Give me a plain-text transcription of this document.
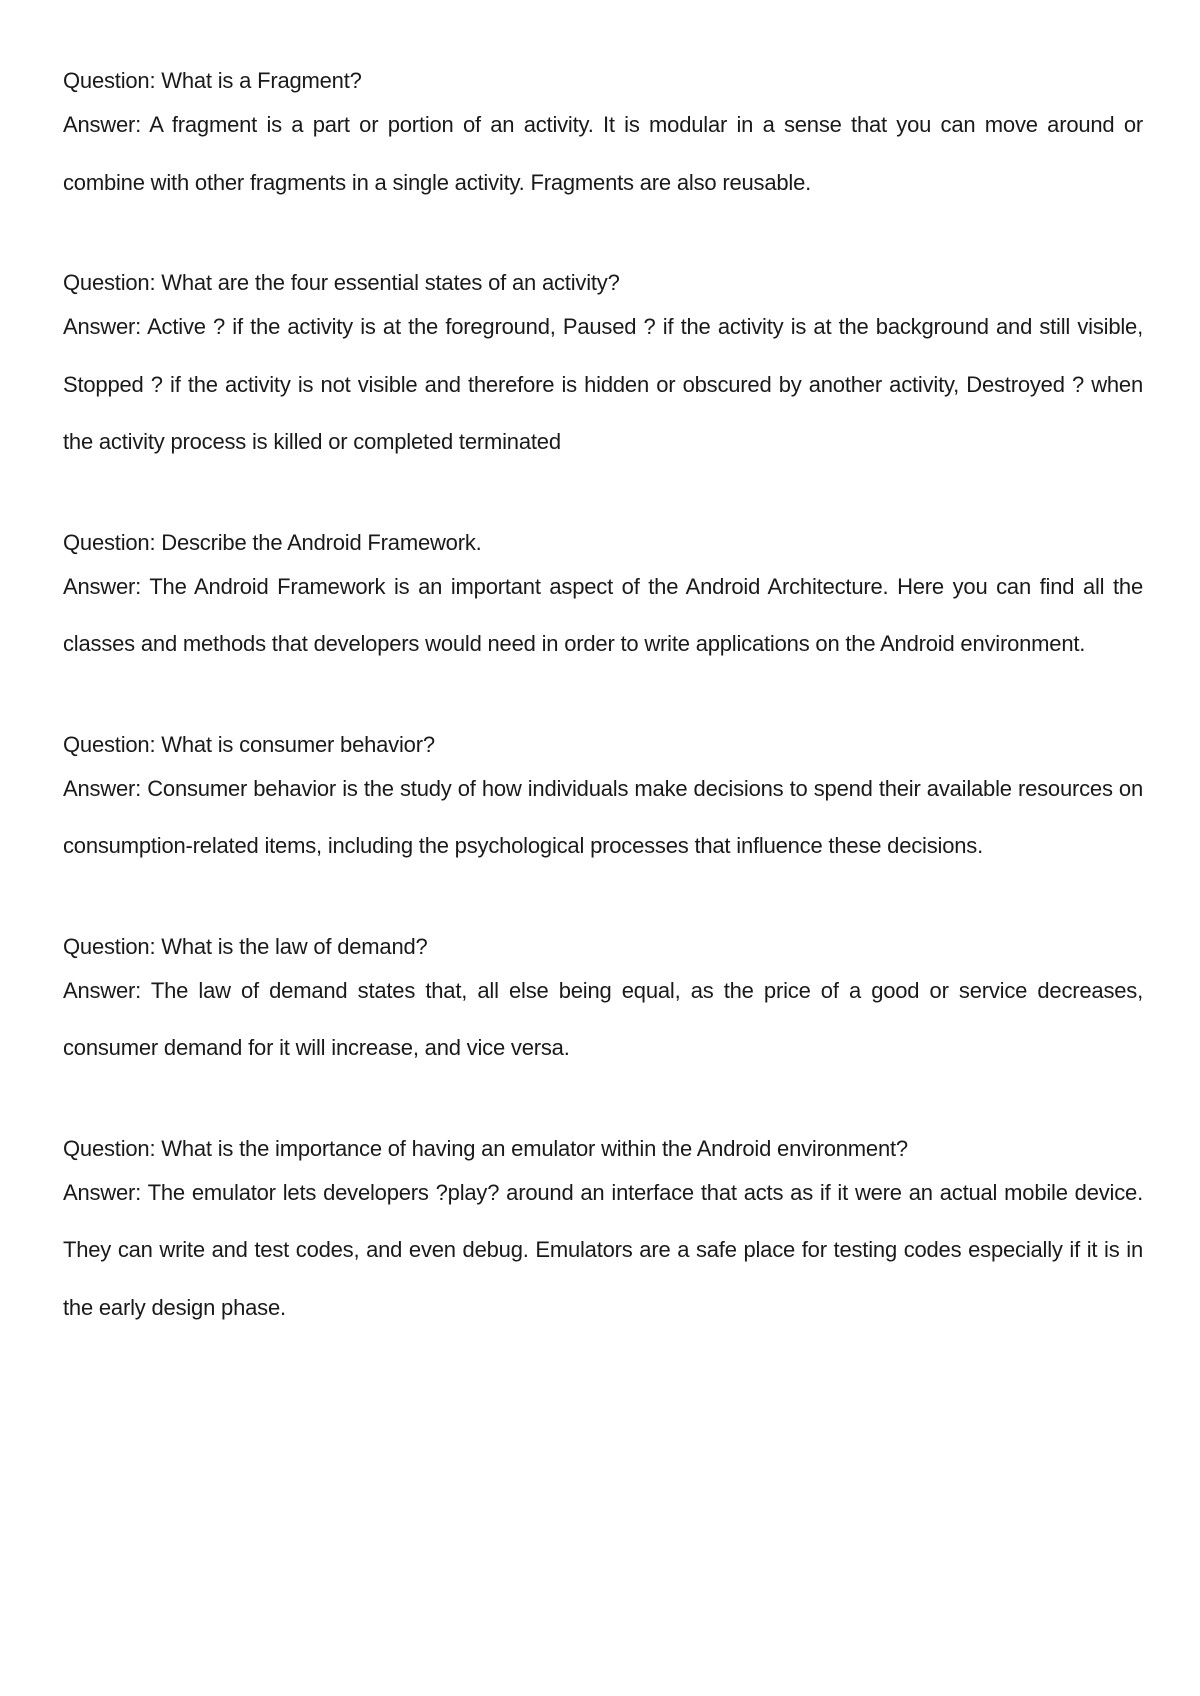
Question: What is a Fragment?

Answer: A fragment is a part or portion of an activity. It is modular in a sense that you can move around or combine with other fragments in a single activity. Fragments are also reusable.

Question: What are the four essential states of an activity?

Answer: Active ? if the activity is at the foreground, Paused ? if the activity is at the background and still visible, Stopped ? if the activity is not visible and therefore is hidden or obscured by another activity, Destroyed ? when the activity process is killed or completed terminated

Question: Describe the Android Framework.

Answer: The Android Framework is an important aspect of the Android Architecture. Here you can find all the classes and methods that developers would need in order to write applications on the Android environment.

Question: What is consumer behavior?

Answer: Consumer behavior is the study of how individuals make decisions to spend their available resources on consumption-related items, including the psychological processes that influence these decisions.

Question: What is the law of demand?

Answer: The law of demand states that, all else being equal, as the price of a good or service decreases, consumer demand for it will increase, and vice versa.

Question: What is the importance of having an emulator within the Android environment?

Answer: The emulator lets developers ?play? around an interface that acts as if it were an actual mobile device. They can write and test codes, and even debug. Emulators are a safe place for testing codes especially if it is in the early design phase.
